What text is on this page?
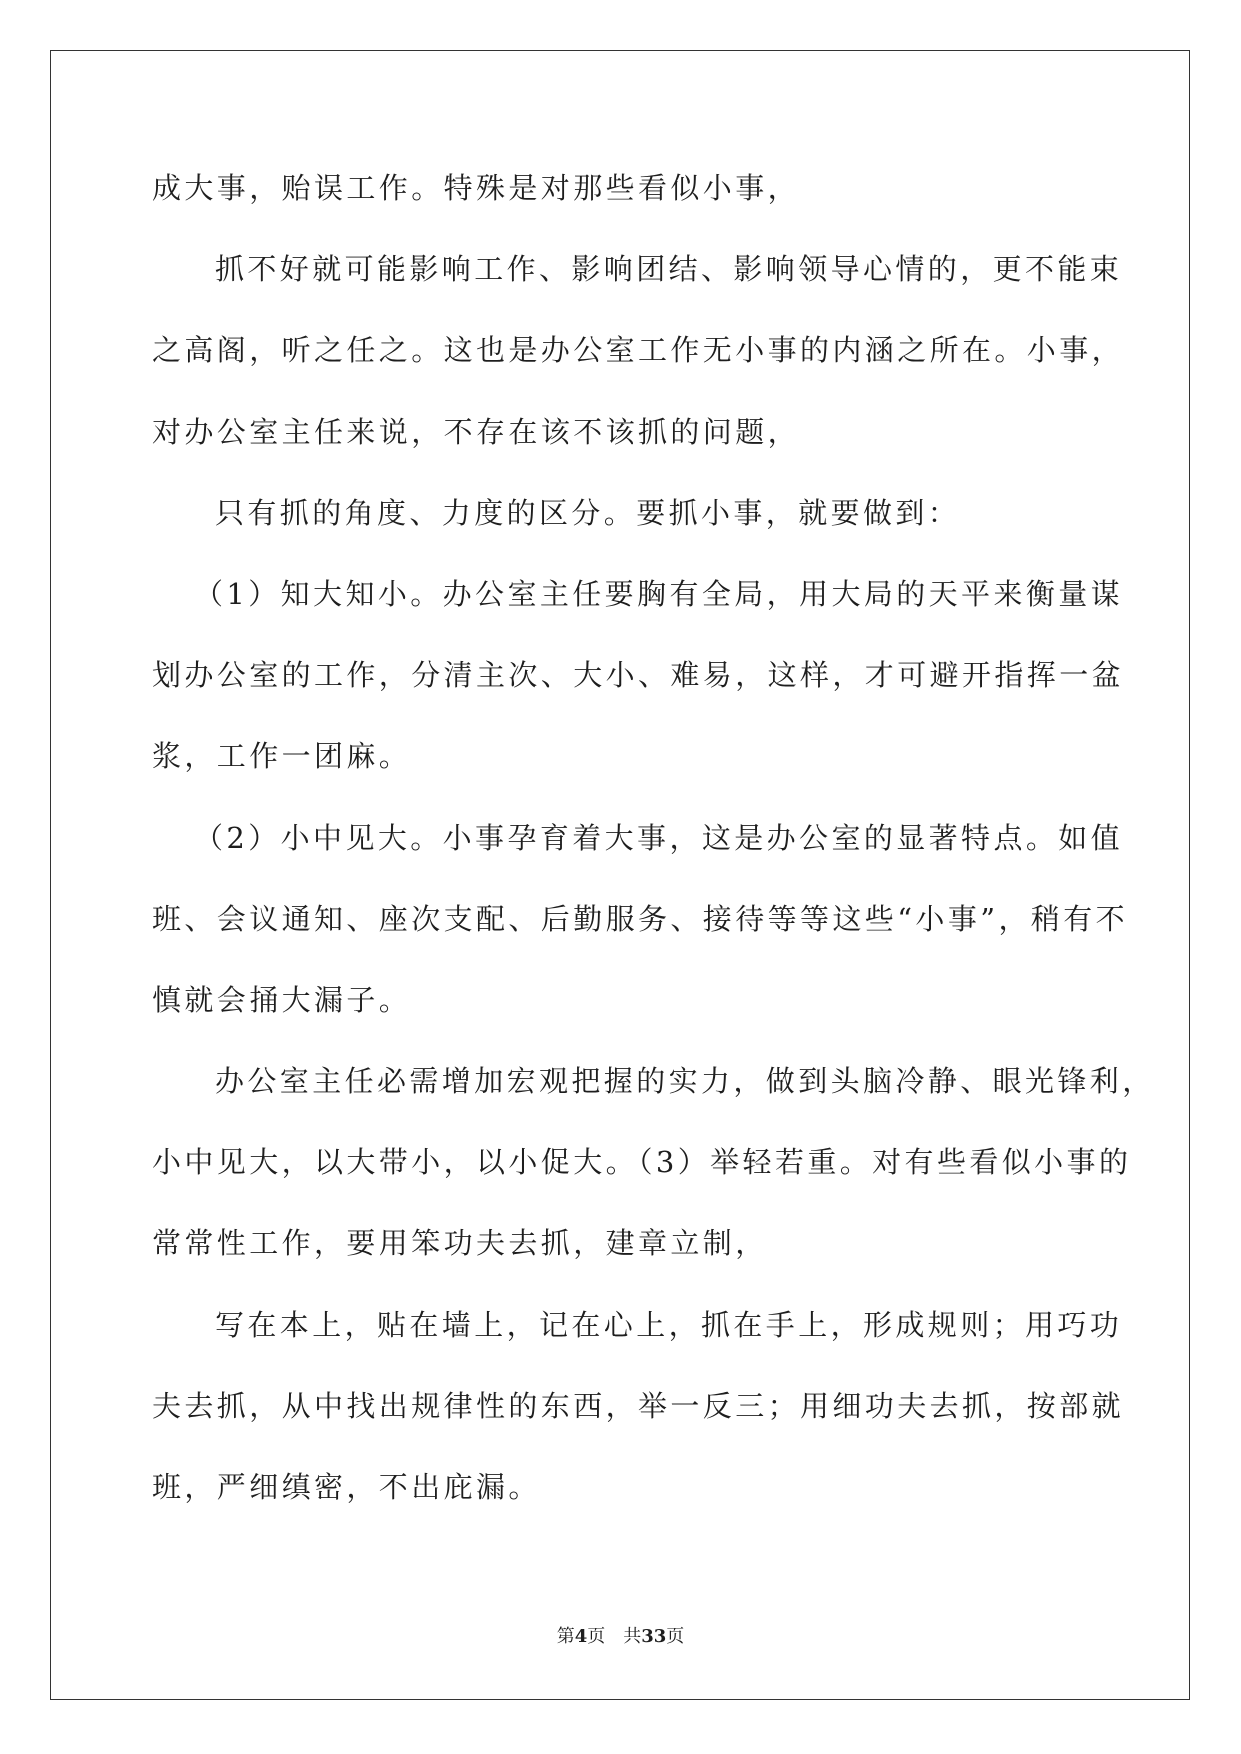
成大事，贻误工作。特殊是对那些看似小事，
抓不好就可能影响工作、影响团结、影响领导心情的，更不能束
之高阁，听之任之。这也是办公室工作无小事的内涵之所在。小事，
对办公室主任来说，不存在该不该抓的问题，
只有抓的角度、力度的区分。要抓小事，就要做到：
（1）知大知小。办公室主任要胸有全局，用大局的天平来衡量谋
划办公室的工作，分清主次、大小、难易，这样，才可避开指挥一盆
浆，工作一团麻。
（2）小中见大。小事孕育着大事，这是办公室的显著特点。如值
班、会议通知、座次支配、后勤服务、接待等等这些“小事”，稍有不
慎就会捅大漏子。
办公室主任必需增加宏观把握的实力，做到头脑冷静、眼光锋利，
小中见大，以大带小，以小促大。（3）举轻若重。对有些看似小事的
常常性工作，要用笨功夫去抓，建章立制，
写在本上，贴在墙上，记在心上，抓在手上，形成规则；用巧功
夫去抓，从中找出规律性的东西，举一反三；用细功夫去抓，按部就
班，严细缜密，不出庇漏。
第4页　共33页
